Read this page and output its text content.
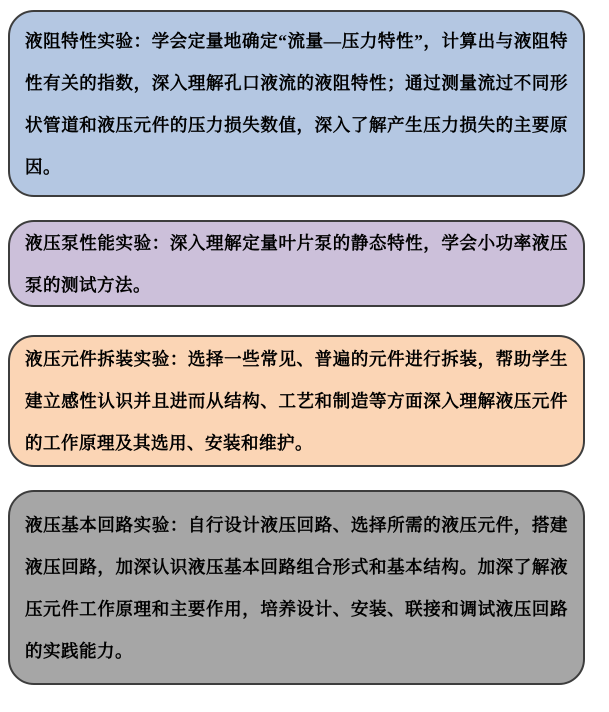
液阻特性实验：学会定量地确定“流量—压力特性”，计算出与液阻特性有关的指数，深入理解孔口液流的液阻特性；通过测量流过不同形状管道和液压元件的压力损失数值，深入了解产生压力损失的主要原因。
液压泵性能实验：深入理解定量叶片泵的静态特性，学会小功率液压泵的测试方法。
液压元件拆装实验：选择一些常见、普遍的元件进行拆装，帮助学生建立感性认识并且进而从结构、工艺和制造等方面深入理解液压元件的工作原理及其选用、安装和维护。
液压基本回路实验：自行设计液压回路、选择所需的液压元件，搭建液压回路，加深认识液压基本回路组合形式和基本结构。加深了解液压元件工作原理和主要作用，培养设计、安装、联接和调试液压回路的实践能力。
